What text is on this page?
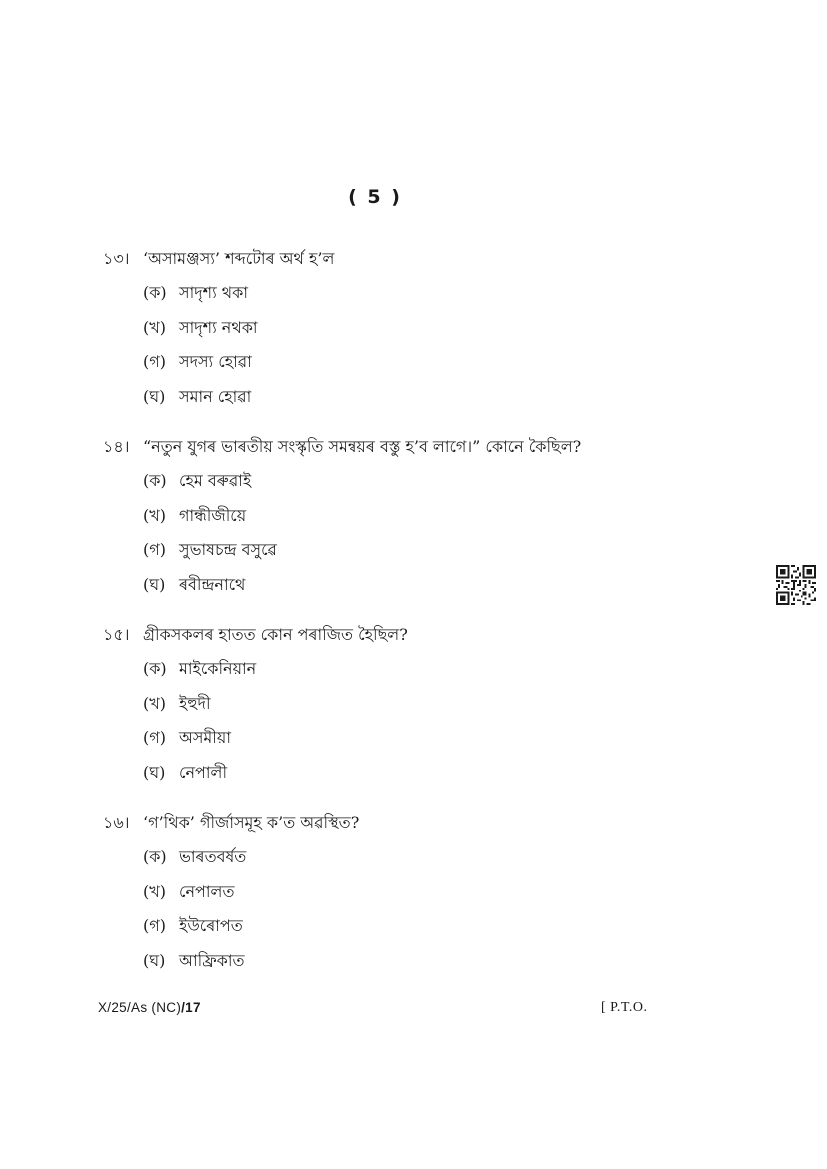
( 5 )
১৩। ‘অসামঞ্জস্য’ শব্দটোৰ অৰ্থ হ’ল
(ক) সাদৃশ্য থকা
(খ) সাদৃশ্য নথকা
(গ) সদস্য হোৱা
(ঘ) সমান হোৱা
১৪। “নতুন যুগৰ ভাৰতীয় সংস্কৃতি সমন্বয়ৰ বস্তু হ’ব লাগে।” কোনে কৈছিল?
(ক) হেম বৰুৱাই
(খ) গান্ধীজীয়ে
(গ) সুভাষচন্দ্ৰ বসুৱে
(ঘ) ৰবীন্দ্ৰনাথে
১৫। গ্ৰীকসকলৰ হাতত কোন পৰাজিত হৈছিল?
(ক) মাইকেনিয়ান
(খ) ইহুদী
(গ) অসমীয়া
(ঘ) নেপালী
১৬। ‘গ’থিক’ গীৰ্জাসমূহ ক’ত অৱস্থিত?
(ক) ভাৰতবৰ্ষত
(খ) নেপালত
(গ) ইউৰোপত
(ঘ) আফ্ৰিকাত
X/25/As (NC)/17	[ P.T.O.
